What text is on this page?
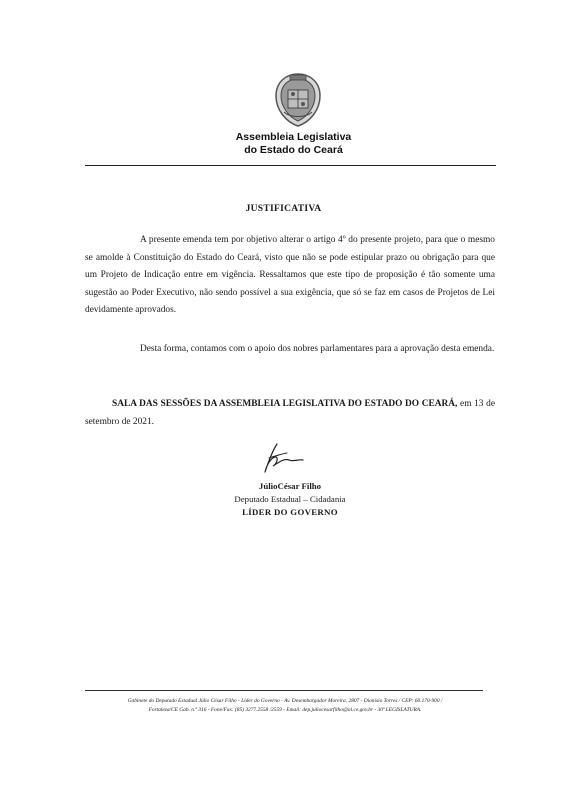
Assembleia Legislativa
do Estado do Ceará
JUSTIFICATIVA

A presente emenda tem por objetivo alterar o artigo 4º do presente projeto, para que o mesmo se amolde à Constituição do Estado do Ceará, visto que não se pode estipular prazo ou obrigação para que um Projeto de Indicação entre em vigência. Ressaltamos que este tipo de proposição é tão somente uma sugestão ao Poder Executivo, não sendo possível a sua exigência, que só se faz em casos de Projetos de Lei devidamente aprovados.

Desta forma, contamos com o apoio dos nobres parlamentares para a aprovação desta emenda.

SALA DAS SESSÕES DA ASSEMBLEIA LEGISLATIVA DO ESTADO DO CEARÁ, em 13 de setembro de 2021.

JúlioCésar Filho
Deputado Estadual – Cidadania
LÍDER DO GOVERNO
Gabinete do Deputado Estadual Júlio César Filho - Líder do Governo - Av. Desembargador Moreira, 2807 - Dionísio Torres / CEP: 60.170-900 /
Fortaleza/CE Gab. n.º 316 - Fone/Fax: (85) 3277.2558 /2559 - Email: dep.juliocesarfilho@al.ce.gov.br - 30ª LEGISLATURA.
